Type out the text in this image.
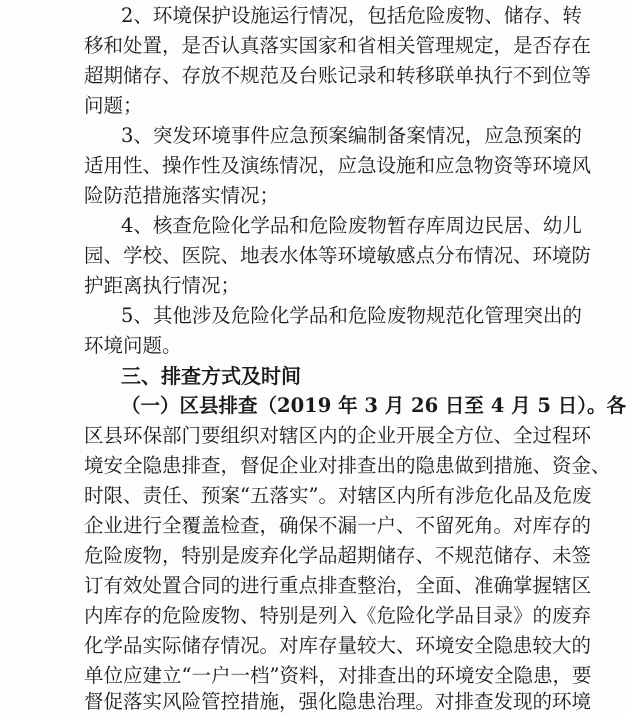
2、环境保护设施运行情况，包括危险废物、储存、转
移和处置，是否认真落实国家和省相关管理规定，是否存在
超期储存、存放不规范及台账记录和转移联单执行不到位等
问题；
3、突发环境事件应急预案编制备案情况，应急预案的
适用性、操作性及演练情况，应急设施和应急物资等环境风
险防范措施落实情况；
4、核查危险化学品和危险废物暂存库周边民居、幼儿
园、学校、医院、地表水体等环境敏感点分布情况、环境防
护距离执行情况；
5、其他涉及危险化学品和危险废物规范化管理突出的
环境问题。
三、排查方式及时间
（一）区县排查（2019 年 3 月 26 日至 4 月 5 日）。各
区县环保部门要组织对辖区内的企业开展全方位、全过程环
境安全隐患排查，督促企业对排查出的隐患做到措施、资金、
时限、责任、预案“五落实”。对辖区内所有涉危化品及危废
企业进行全覆盖检查，确保不漏一户、不留死角。对库存的
危险废物，特别是废弃化学品超期储存、不规范储存、未签
订有效处置合同的进行重点排查整治，全面、准确掌握辖区
内库存的危险废物、特别是列入《危险化学品目录》的废弃
化学品实际储存情况。对库存量较大、环境安全隐患较大的
单位应建立“一户一档”资料，对排查出的环境安全隐患，要
督促落实风险管控措施，强化隐患治理。对排查发现的环境
